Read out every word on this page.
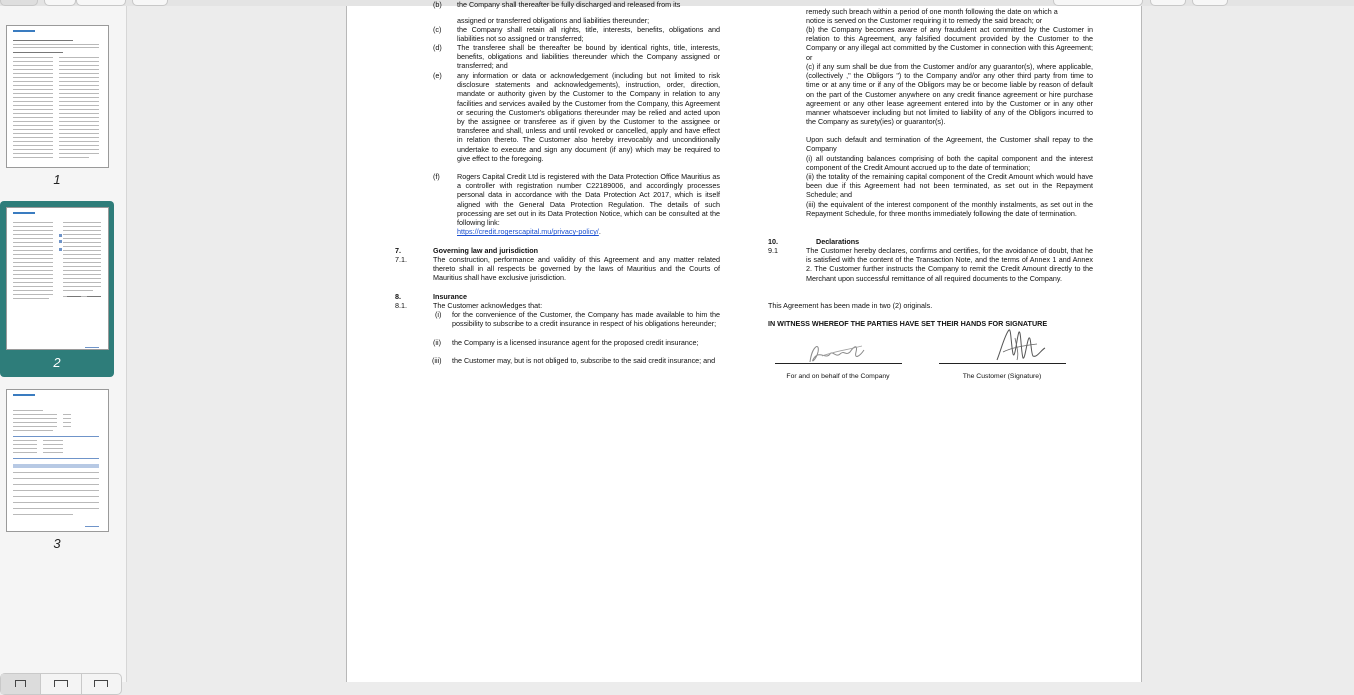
1
2
3
(b) the Company shall thereafter be fully discharged and released from its
assigned or transferred obligations and liabilities thereunder;
(c) the Company shall retain all rights, title, interests, benefits, obligations and liabilities not so assigned or transferred;
(d) The transferee shall be thereafter be bound by identical rights, title, interests, benefits, obligations and liabilities thereunder which the Company assigned or transferred; and
(e) any information or data or acknowledgement (including but not limited to risk disclosure statements and acknowledgements), instruction, order, direction, mandate or authority given by the Customer to the Company in relation to any facilities and services availed by the Customer from the Company, this Agreement or securing the Customer's obligations thereunder may be relied and acted upon by the assignee or transferee as if given by the Customer to the assignee or transferee and shall, unless and until revoked or cancelled, apply and have effect in relation thereto. The Customer also hereby irrevocably and unconditionally undertake to execute and sign any document (if any) which may be required to give effect to the foregoing.
(f) Rogers Capital Credit Ltd is registered with the Data Protection Office Mauritius as a controller with registration number C22189006, and accordingly processes personal data in accordance with the Data Protection Act 2017, which is itself aligned with the General Data Protection Regulation. The details of such processing are set out in its Data Protection Notice, which can be consulted at the following link:
https://credit.rogerscapital.mu/privacy-policy/.
7.	Governing law and jurisdiction
7.1.	The construction, performance and validity of this Agreement and any matter related thereto shall in all respects be governed by the laws of Mauritius and the Courts of Mauritius shall have exclusive jurisdiction.
8.	Insurance
8.1.	The Customer acknowledges that:
(i) for the convenience of the Customer, the Company has made available to him the possibility to subscribe to a credit insurance in respect of his obligations hereunder;
(ii) the Company is a licensed insurance agent for the proposed credit insurance;
(iii) the Customer may, but is not obliged to, subscribe to the said credit insurance; and
remedy such breach within a period of one month following the date on which a
notice is served on the Customer requiring it to remedy the said breach; or
(b) the Company becomes aware of any fraudulent act committed by the Customer in relation to this Agreement, any falsified document provided by the Customer to the Company or any illegal act committed by the Customer in connection with this Agreement; or
(c) if any sum shall be due from the Customer and/or any guarantor(s), where applicable, (collectively ," the Obligors ") to the Company and/or any other third party from time to time or at any time or if any of the Obligors may be or become liable by reason of default on the part of the Customer anywhere on any credit finance agreement or hire purchase agreement or any other lease agreement entered into by the Customer or in any other manner whatsoever including but not limited to liability of any of the Obligors incurred to the Company as surety(ies) or guarantor(s).
Upon such default and termination of the Agreement, the Customer shall repay to the Company
(i) all outstanding balances comprising of both the capital component and the interest component of the Credit Amount accrued up to the date of termination;
(ii) the totality of the remaining capital component of the Credit Amount which would have been due if this Agreement had not been terminated, as set out in the Repayment Schedule; and
(iii) the equivalent of the interest component of the monthly instalments, as set out in the Repayment Schedule, for three months immediately following the date of termination.
10.	Declarations
9.1	The Customer hereby declares, confirms and certifies, for the avoidance of doubt, that he is satisfied with the content of the Transaction Note, and the terms of Annex 1 and Annex 2. The Customer further instructs the Company to remit the Credit Amount directly to the Merchant upon successful remittance of all required documents to the Company.
This Agreement has been made in two (2) originals.
IN WITNESS WHEREOF THE PARTIES HAVE SET THEIR HANDS FOR SIGNATURE
For and on behalf of the Company	The Customer (Signature)
